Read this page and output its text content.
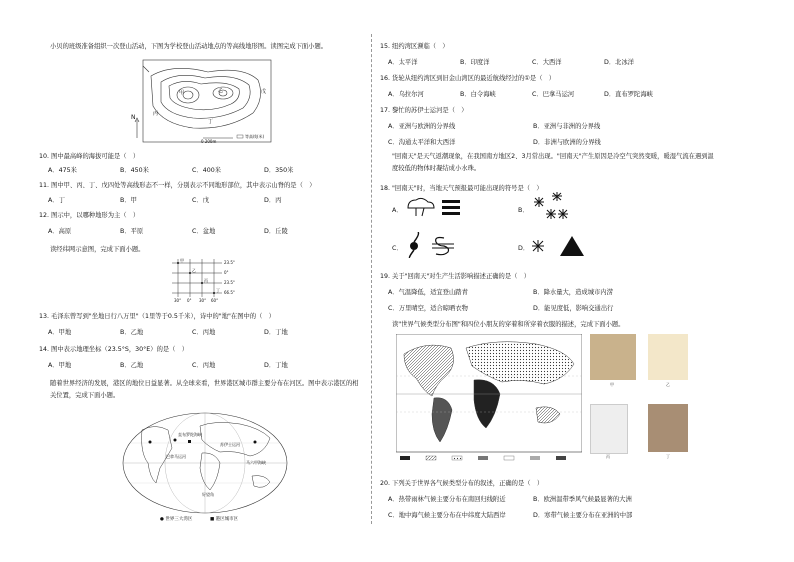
小贝的班级准备组织一次登山活动，下图为学校登山活动地点的等高线地形图。读图完成下面小题。
N
0 200m
等高线(米)
甲	乙
丙
丁
戊
10. 图中最高峰的海拔可能是（　）
A．475米	B．450米	C．400米	D．350米
11. 图中甲、丙、丁、戊四处等高线形态不一样，分别表示不同地形部位，其中表示山脊的是（　）
A．丁	B．甲	C．戊	D．丙
12. 图示中，以哪种地形为主（　）
A．高原	B．平原	C．盆地	D．丘陵
读经纬网示意图，完成下面小题。
23.5°
0°
23.5°
66.5°
30° 0° 30° 60°
甲
乙
丙
丁
13. 毛泽东曾写到"坐地日行八万里"（1里等于0.5千米），诗中的"地"在图中的（　）
A．甲地	B．乙地	C．丙地	D．丁地
14. 图中表示地理坐标（23.5°S，30°E）的是（　）
A．甲地	B．乙地	C．丙地	D．丁地
随着世界经济的发展，港区的地位日益显著。从全球来看，世界港区城市群主要分布在河区。图中表示港区的相关位置，完成下面小题。
巴拿马运河
苏伊士运河
直布罗陀海峡
马六甲海峡
好望角
● 世界三大湾区	■ 港区城市区
15. 纽约湾区濒临（　）
A．太平洋	B．印度洋	C．大西洋	D．北冰洋
16. 货轮从纽约湾区到旧金山湾区的最近航线经过的①是（　）
A．乌拉尔河	B．白令海峡	C．巴拿马运河	D．直布罗陀海峡
17. 黎忙的苏伊士运河是（　）
A．亚洲与欧洲的分界线	B．亚洲与非洲的分界线
C．沟通太平洋和大西洋	D．非洲与欧洲的分界线
"回南天"是天气返潮现象，在我国南方地区2、3月常出现。"回南天"产生原因是冷空气突然变暖，暖湿气流在遇到温度较低的物体时凝结成小水珠。
18. "回南天"时，当地天气预报最可能出现的符号是（　）
A．	B．
C．	D．
19. 关于"回南天"对生产生活影响描述正确的是（　）
A．气温降低，适宜登山踏青	B．降水量大，造成城市内涝
C．万里晴空，适合晾晒衣物	D．能见度低，影响交通出行
读"世界气候类型分布图"和四位小朋友的穿着和所穿着衣服的描述，完成下面小题。
甲	乙
丙	丁
20. 下列关于世界各气候类型分布的叙述，正确的是（　）
A．热带雨林气候主要分布在南回归线附近	B．欧洲温带季风气候最显著的大洲
C．地中海气候主要分布在中纬度大陆西岸	D．寒带气候主要分布在亚洲的中部
